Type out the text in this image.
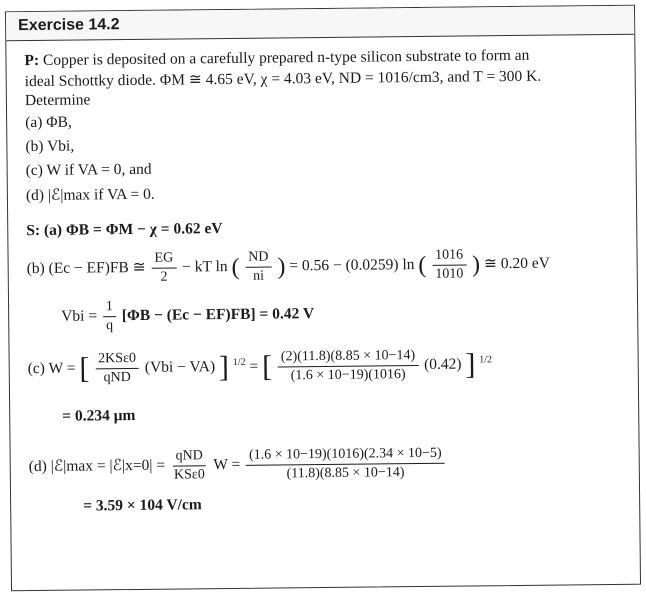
Exercise 14.2
P: Copper is deposited on a carefully prepared n-type silicon substrate to form an
ideal Schottky diode. ΦM ≅ 4.65 eV, χ = 4.03 eV, ND = 1016/cm3, and T = 300 K.
Determine
(a) ΦB,
(b) Vbi,
(c) W if VA = 0, and
(d) |ℰ|max if VA = 0.
S: (a) ΦB = ΦM − χ = 0.62 eV
(b) (Ec − EF)FB ≅ $\frac{EG}{2}$ − kT ln ( $\frac{ND}{ni}$ ) = 0.56 − (0.0259) ln ( $\frac{1016}{1010}$ ) ≅ 0.20 eV
Vbi = $\frac{1}{q} [\Phi B - (Ec - EF)FB] = 0.42$ V
(c) W = [ $\frac{\text{2KSε0}}{\text{qND}} (Vbi - VA)$ ] $^{1/2}$ = [ $\frac{(2)(11.8)(8.85 \times 10-14)}{(1.6 \times 10-19)(1016)} (0.42)$ ] $^{1/2}$
= 0.234 μm
(d) |ℰ|max = |ℰ|x=0| = $\frac{\text{qND}}{\text{KSε0}}$ $W = \frac{(1.6 \times 10-19)(1016)(2.34 \times 10-5)}{(11.8)(8.85 \times 10-14)}$
= 3.59 × 104 V/cm
